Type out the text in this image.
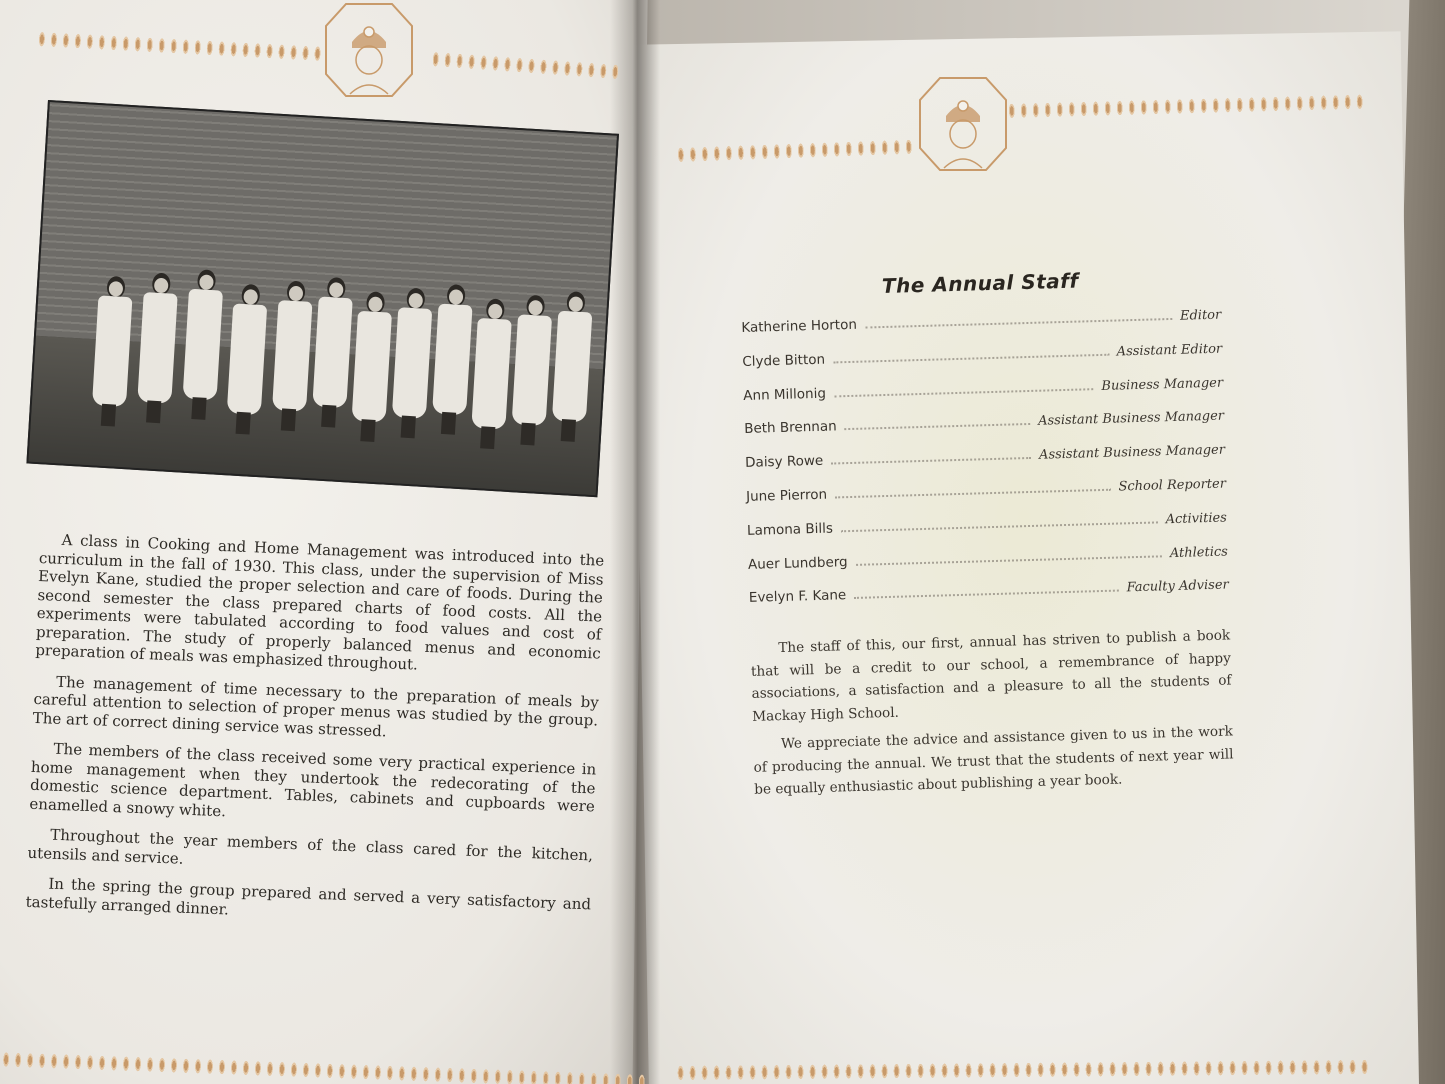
A class in Cooking and Home Management was introduced into the curriculum in the fall of 1930. This class, under the supervision of Miss Evelyn Kane, studied the proper selection and care of foods. During the second semester the class prepared charts of food costs. All the experiments were tabulated according to food values and cost of preparation. The study of properly balanced menus and economic preparation of meals was emphasized throughout.

The management of time necessary to the preparation of meals by careful attention to selection of proper menus was studied by the group. The art of correct dining service was stressed.

The members of the class received some very practical experience in home management when they undertook the redecorating of the domestic science department. Tables, cabinets and cupboards were enamelled a snowy white.

Throughout the year members of the class cared for the kitchen, utensils and service.

In the spring the group prepared and served a very satisfactory and tastefully arranged dinner.

The Annual Staff
Katherine Horton
Editor
Clyde Bitton
Assistant Editor
Ann Millonig
Business Manager
Beth Brennan	Assistant Business Manager
Daisy Rowe	Assistant Business Manager
June Pierron
School Reporter
Lamona Bills
Activities
Auer Lundberg
Athletics
Evelyn F. Kane
Faculty Adviser

The staff of this, our first, annual has striven to publish a book that will be a credit to our school, a remembrance of happy associations, a satisfaction and a pleasure to all the students of Mackay High School.

We appreciate the advice and assistance given to us in the work of producing the annual. We trust that the students of next year will be equally enthusiastic about publishing a year book.
